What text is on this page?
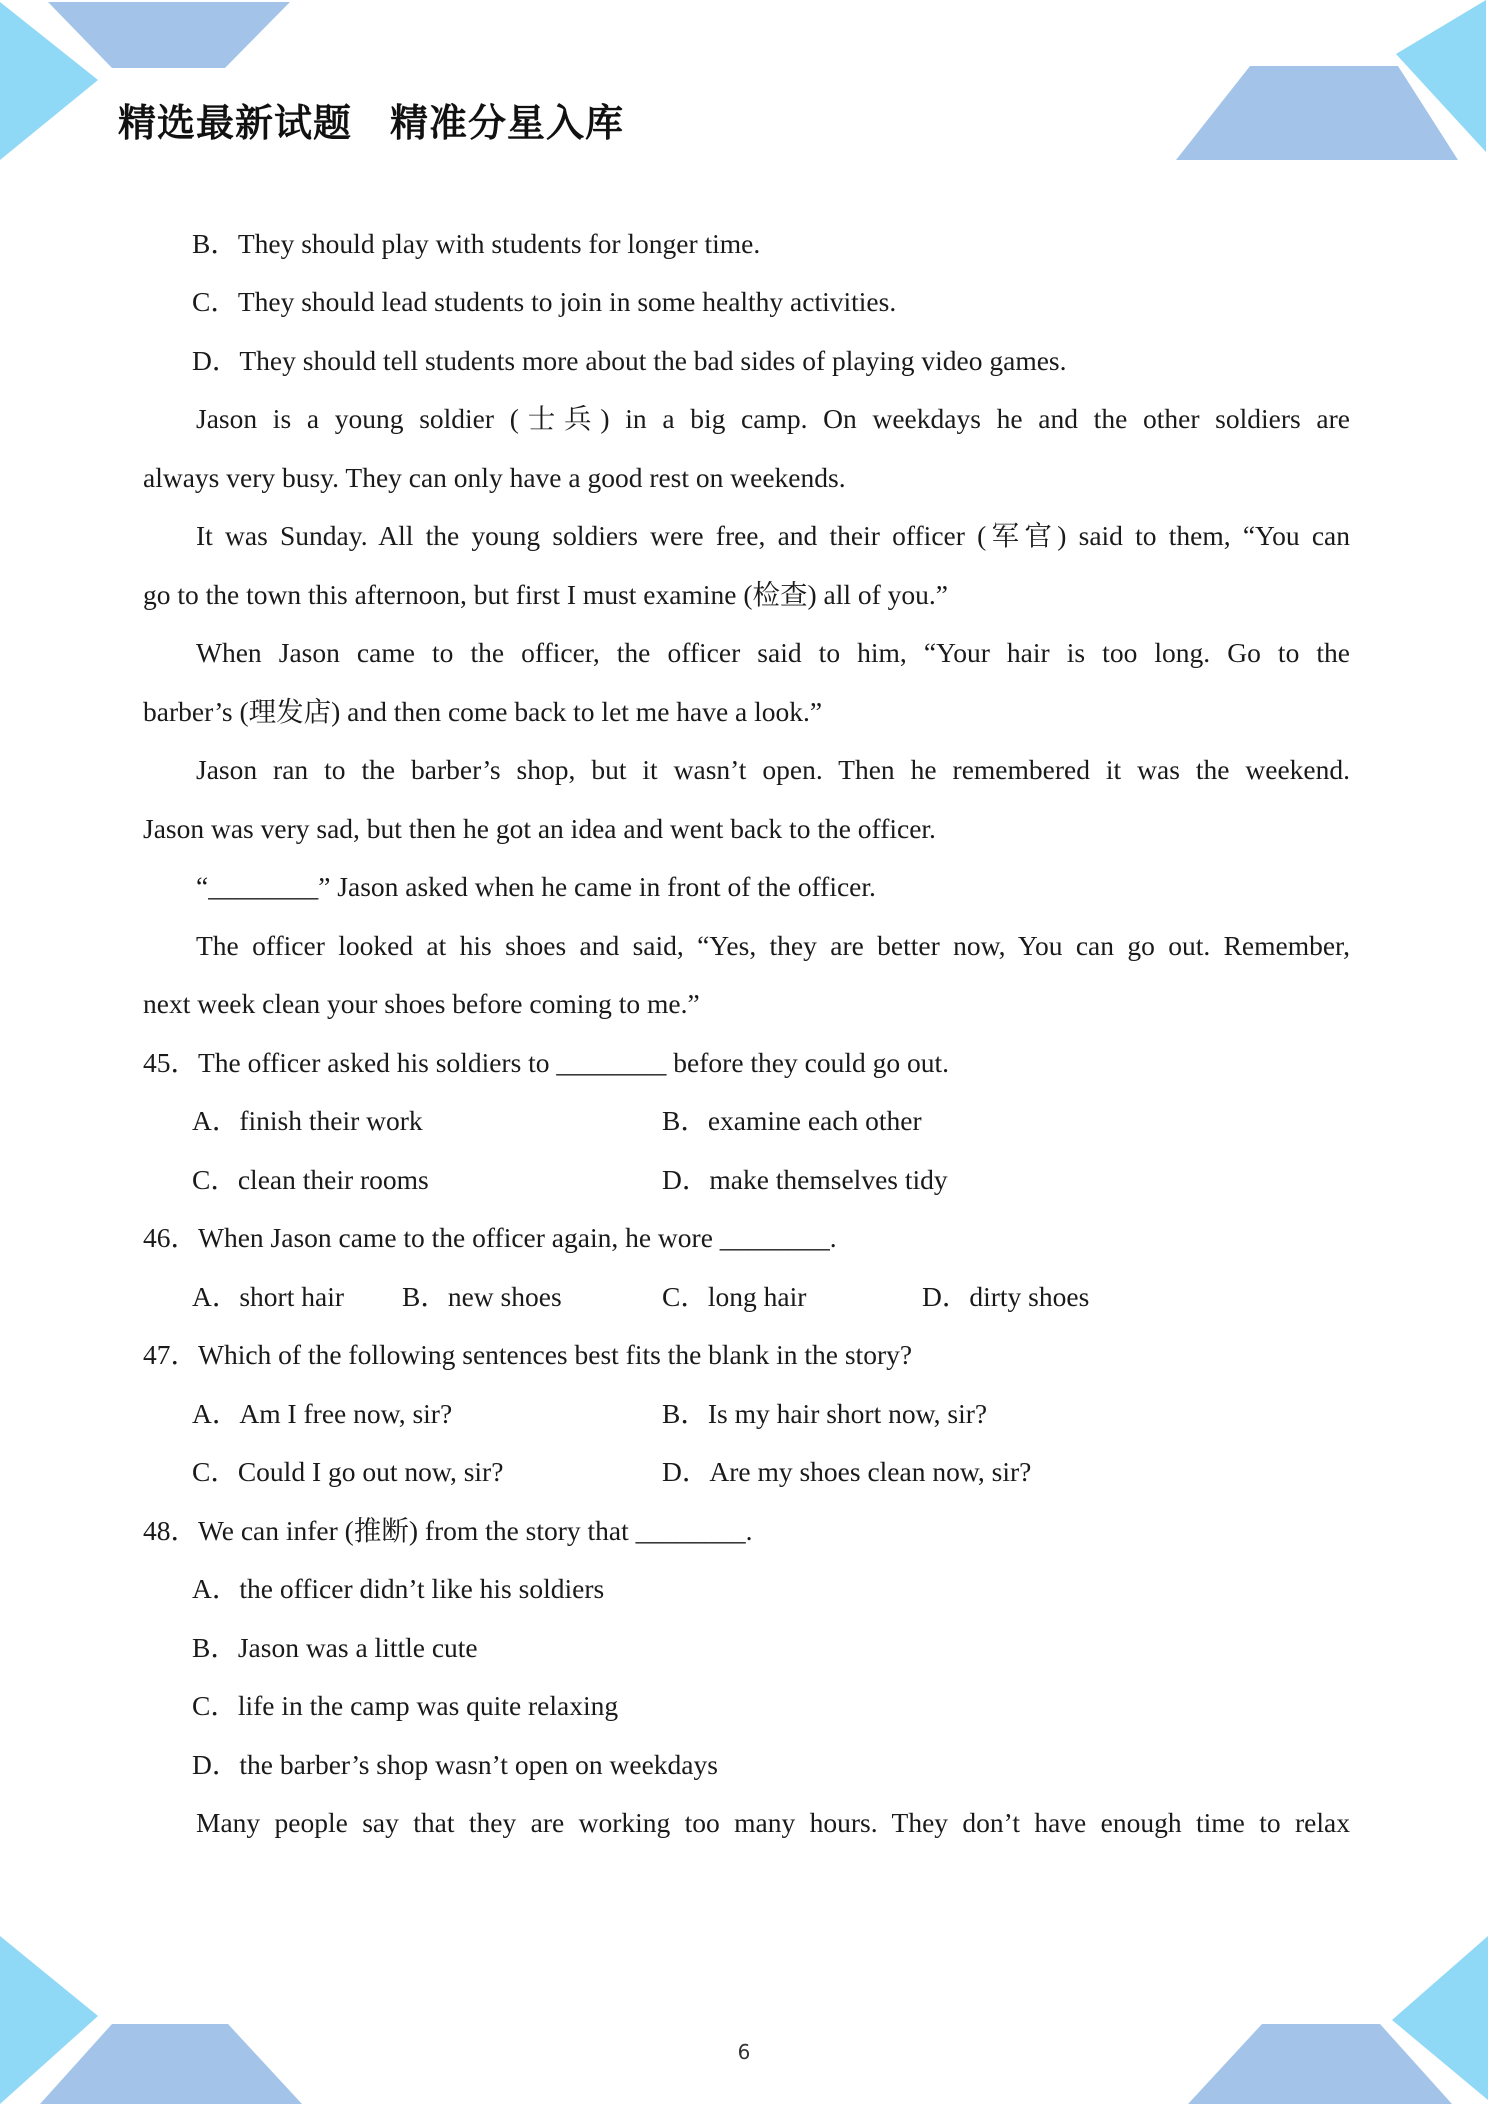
精选最新试题 精准分星入库
B．They should play with students for longer time.
C．They should lead students to join in some healthy activities.
D．They should tell students more about the bad sides of playing video games.
Jason is a young soldier (士兵) in a big camp. On weekdays he and the other soldiers are
always very busy. They can only have a good rest on weekends.
It was Sunday. All the young soldiers were free, and their officer (军官) said to them, “You can
go to the town this afternoon, but first I must examine (检查) all of you.”
When Jason came to the officer, the officer said to him, “Your hair is too long. Go to the
barber’s (理发店) and then come back to let me have a look.”
Jason ran to the barber’s shop, but it wasn’t open. Then he remembered it was the weekend.
Jason was very sad, but then he got an idea and went back to the officer.
“________” Jason asked when he came in front of the officer.
The officer looked at his shoes and said, “Yes, they are better now, You can go out. Remember,
next week clean your shoes before coming to me.”
45．The officer asked his soldiers to ________ before they could go out.
A．finish their work	B．examine each other
C．clean their rooms	D．make themselves tidy
46．When Jason came to the officer again, he wore ________.
A．short hair B．new shoes	C．long hair	D．dirty shoes
47．Which of the following sentences best fits the blank in the story?
A．Am I free now, sir?	B．Is my hair short now, sir?
C．Could I go out now, sir?	D．Are my shoes clean now, sir?
48．We can infer (推断) from the story that ________.
A．the officer didn’t like his soldiers
B．Jason was a little cute
C．life in the camp was quite relaxing
D．the barber’s shop wasn’t open on weekdays
Many people say that they are working too many hours. They don’t have enough time to relax
6
